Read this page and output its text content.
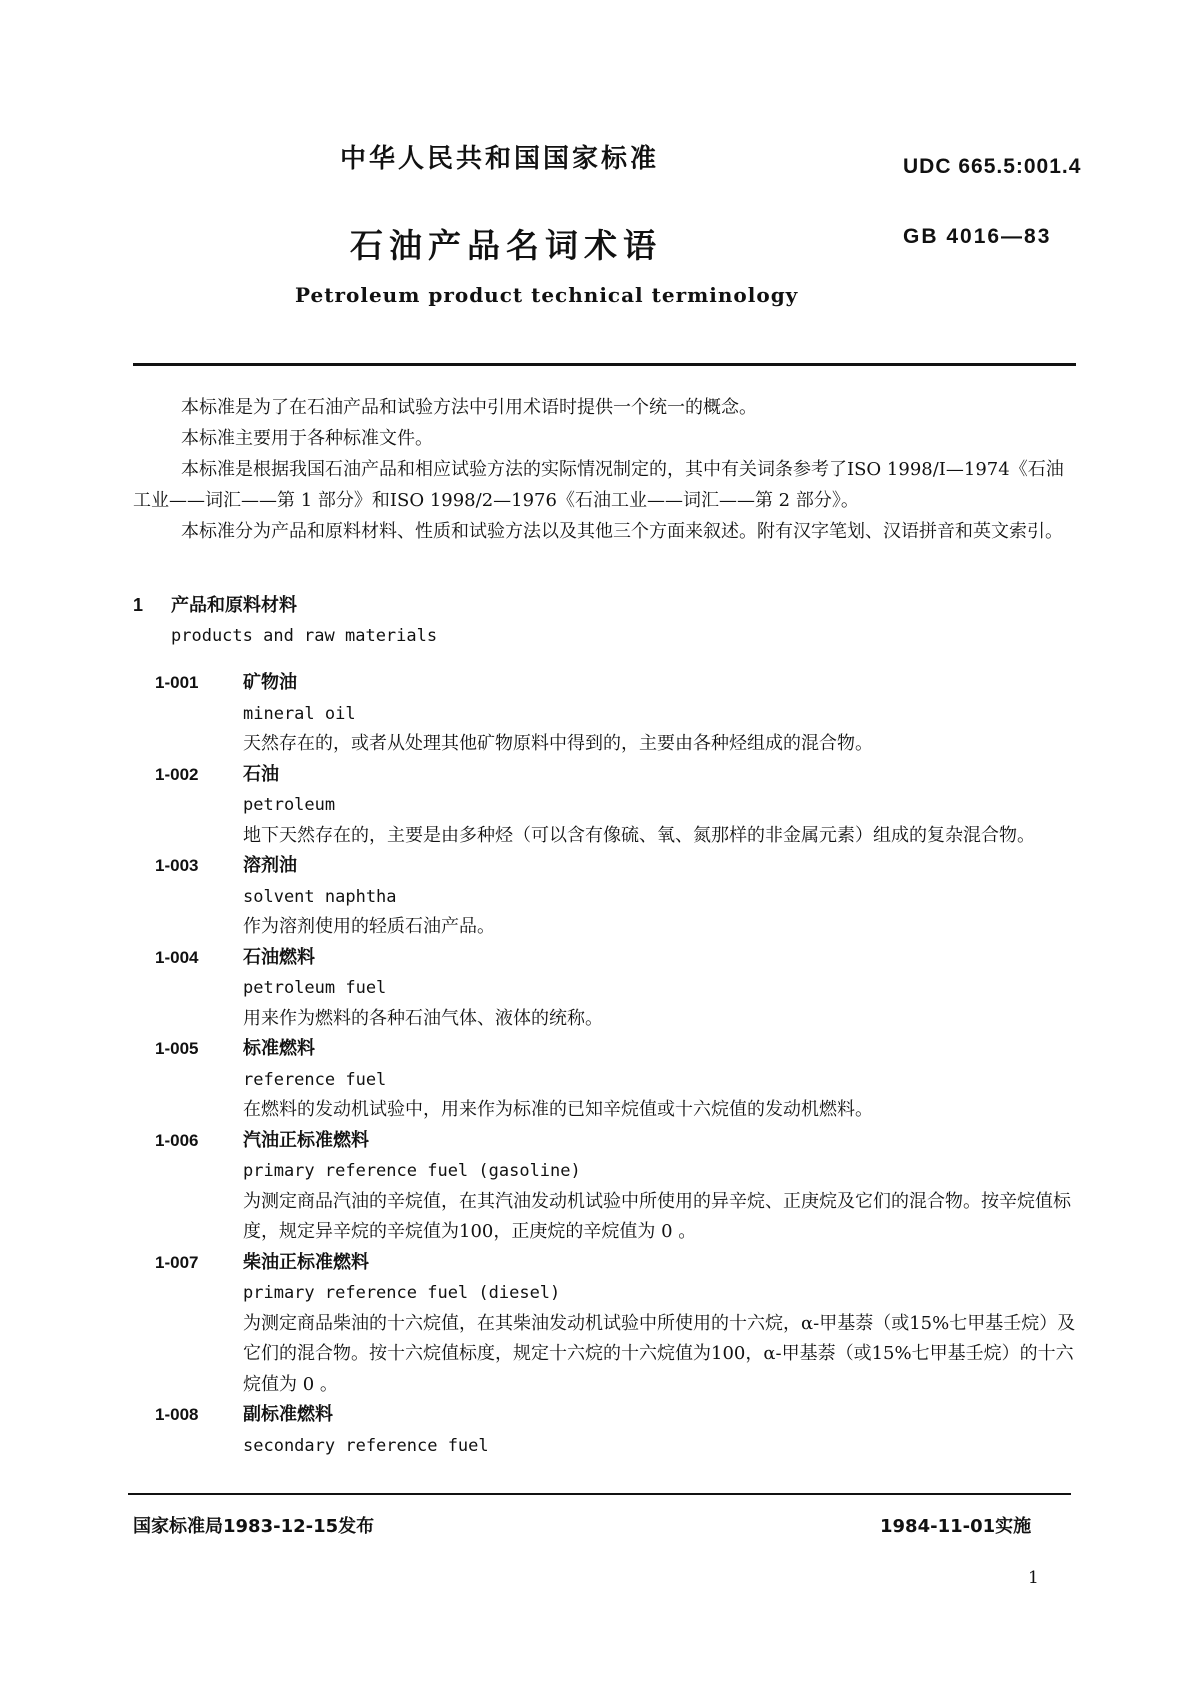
中华人民共和国国家标准	UDC 665.5:001.4
石油产品名词术语	GB 4016—83
Petroleum product technical terminology

本标准是为了在石油产品和试验方法中引用术语时提供一个统一的概念。

本标准主要用于各种标准文件。

本标准是根据我国石油产品和相应试验方法的实际情况制定的，其中有关词条参考了ISO 1998/Ⅰ—1974《石油工业——词汇——第 1 部分》和ISO 1998/2—1976《石油工业——词汇——第 2 部分》。

本标准分为产品和原料材料、性质和试验方法以及其他三个方面来叙述。附有汉字笔划、汉语拼音和英文索引。

1 产品和原料材料
products and raw materials
1-001 矿物油
mineral oil
天然存在的，或者从处理其他矿物原料中得到的，主要由各种烃组成的混合物。
1-002 石油
petroleum
地下天然存在的，主要是由多种烃（可以含有像硫、氧、氮那样的非金属元素）组成的复杂混合物。
1-003 溶剂油
solvent naphtha
作为溶剂使用的轻质石油产品。
1-004 石油燃料
petroleum fuel
用来作为燃料的各种石油气体、液体的统称。
1-005 标准燃料
reference fuel
在燃料的发动机试验中，用来作为标准的已知辛烷值或十六烷值的发动机燃料。
1-006 汽油正标准燃料
primary reference fuel (gasoline)
为测定商品汽油的辛烷值，在其汽油发动机试验中所使用的异辛烷、正庚烷及它们的混合物。按辛烷值标度，规定异辛烷的辛烷值为100，正庚烷的辛烷值为 0 。
1-007 柴油正标准燃料
primary reference fuel (diesel)
为测定商品柴油的十六烷值，在其柴油发动机试验中所使用的十六烷，α-甲基萘（或15%七甲基壬烷）及它们的混合物。按十六烷值标度，规定十六烷的十六烷值为100，α-甲基萘（或15%七甲基壬烷）的十六烷值为 0 。
1-008 副标准燃料
secondary reference fuel
国家标准局1983-12-15发布	1984-11-01实施
1
